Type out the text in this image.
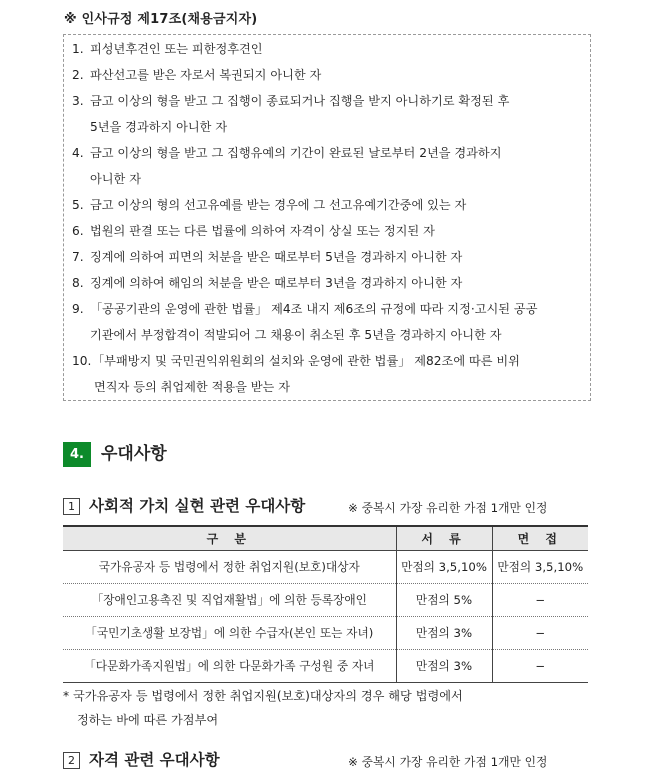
※ 인사규정 제17조(채용금지자)
1. 피성년후견인 또는 피한정후견인
2. 파산선고를 받은 자로서 복권되지 아니한 자
3. 금고 이상의 형을 받고 그 집행이 종료되거나 집행을 받지 아니하기로 확정된 후
5년을 경과하지 아니한 자
4. 금고 이상의 형을 받고 그 집행유예의 기간이 완료된 날로부터 2년을 경과하지
아니한 자
5. 금고 이상의 형의 선고유예를 받는 경우에 그 선고유예기간중에 있는 자
6. 법원의 판결 또는 다른 법률에 의하여 자격이 상실 또는 정지된 자
7. 징계에 의하여 피면의 처분을 받은 때로부터 5년을 경과하지 아니한 자
8. 징계에 의하여 해임의 처분을 받은 때로부터 3년을 경과하지 아니한 자
9. 「공공기관의 운영에 관한 법률」 제4조 내지 제6조의 규정에 따라 지정·고시된 공공
기관에서 부정합격이 적발되어 그 채용이 취소된 후 5년을 경과하지 아니한 자
10.「부패방지 및 국민권익위원회의 설치와 운영에 관한 법률」 제82조에 따른 비위
면직자 등의 취업제한 적용을 받는 자
4.	우대사항
1 사회적 가치 실현 관련 우대사항	※ 중복시 가장 유리한 가점 1개만 인정
구 분	서 류	면 접
국가유공자 등 법령에서 정한 취업지원(보호)대상자	만점의 3,5,10%	만점의 3,5,10%
「장애인고용촉진 및 직업재활법」에 의한 등록장애인	만점의 5%	−
「국민기초생활 보장법」에 의한 수급자(본인 또는 자녀)	만점의 3%	−
「다문화가족지원법」에 의한 다문화가족 구성원 중 자녀	만점의 3%	−
* 국가유공자 등 법령에서 정한 취업지원(보호)대상자의 경우 해당 법령에서
정하는 바에 따른 가점부여
2 자격 관련 우대사항	※ 중복시 가장 유리한 가점 1개만 인정
